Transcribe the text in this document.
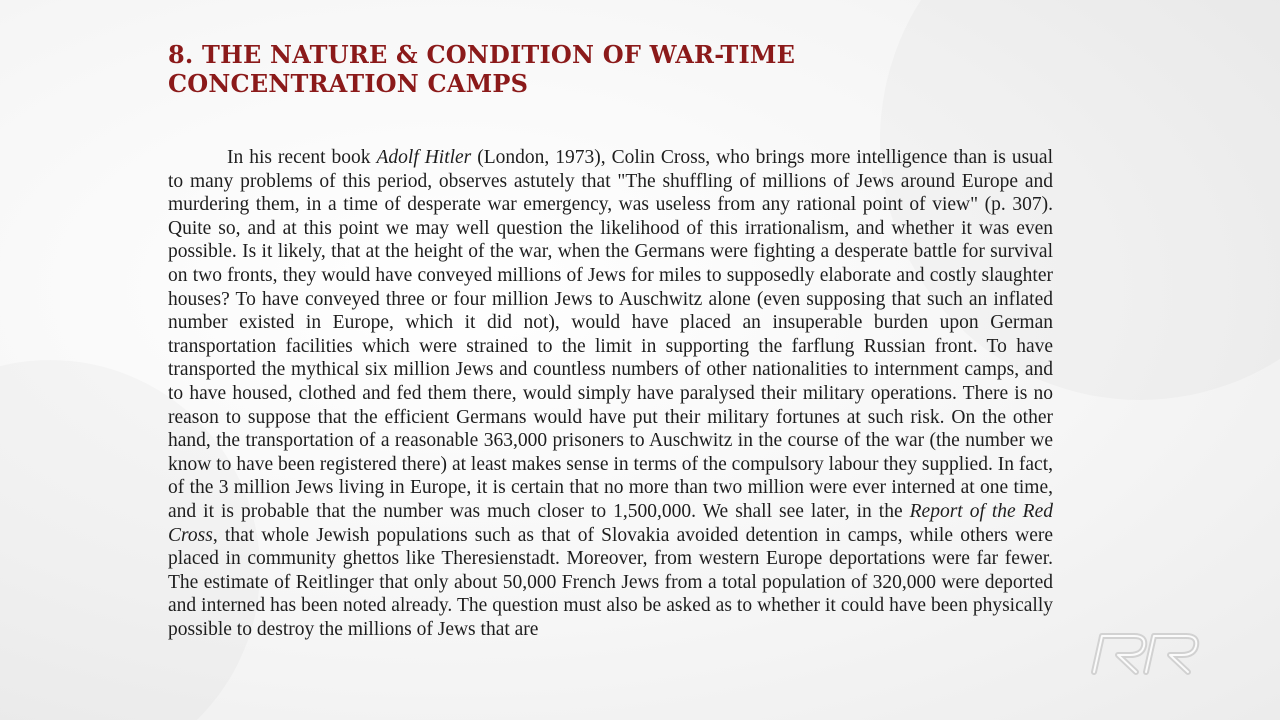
8. THE NATURE & CONDITION OF WAR-TIME CONCENTRATION CAMPS

In his recent book Adolf Hitler (London, 1973), Colin Cross, who brings more intelligence than is usual to many problems of this period, observes astutely that "The shuffling of millions of Jews around Europe and murdering them, in a time of desperate war emergency, was useless from any rational point of view" (p. 307). Quite so, and at this point we may well question the likelihood of this irrationalism, and whether it was even possible. Is it likely, that at the height of the war, when the Germans were fighting a desperate battle for survival on two fronts, they would have conveyed millions of Jews for miles to supposedly elaborate and costly slaughter houses? To have conveyed three or four million Jews to Auschwitz alone (even supposing that such an inflated number existed in Europe, which it did not), would have placed an insuperable burden upon German transportation facilities which were strained to the limit in supporting the farflung Russian front. To have transported the mythical six million Jews and countless numbers of other nationalities to internment camps, and to have housed, clothed and fed them there, would simply have paralysed their military operations. There is no reason to suppose that the efficient Germans would have put their military fortunes at such risk. On the other hand, the transportation of a reasonable 363,000 prisoners to Auschwitz in the course of the war (the number we know to have been registered there) at least makes sense in terms of the compulsory labour they supplied. In fact, of the 3 million Jews living in Europe, it is certain that no more than two million were ever interned at one time, and it is probable that the number was much closer to 1,500,000. We shall see later, in the Report of the Red Cross, that whole Jewish populations such as that of Slovakia avoided detention in camps, while others were placed in community ghettos like Theresienstadt. Moreover, from western Europe deportations were far fewer. The estimate of Reitlinger that only about 50,000 French Jews from a total population of 320,000 were deported and interned has been noted already. The question must also be asked as to whether it could have been physically possible to destroy the millions of Jews that are
